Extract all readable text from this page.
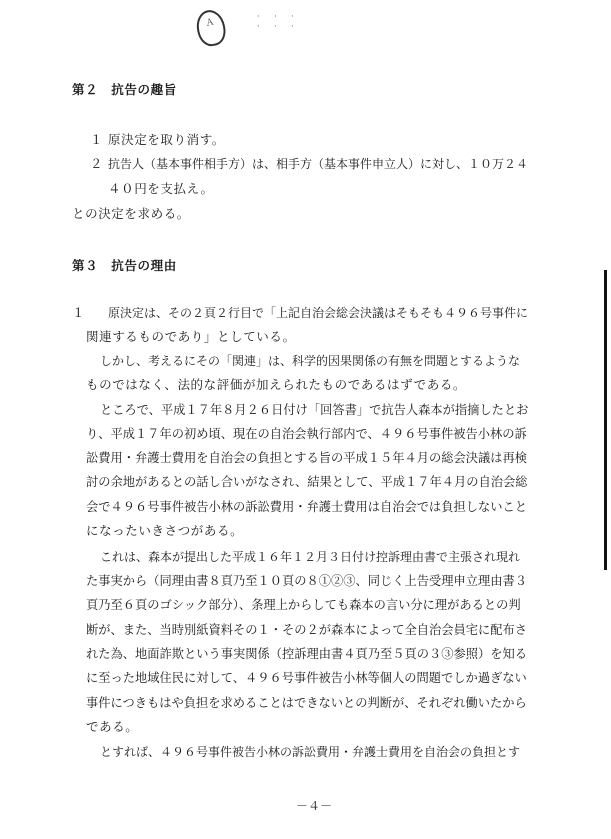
Ａ
· · ·
· · ·
第２　抗告の趣旨
１ 原決定を取り消す。
２ 抗告人（基本事件相手方）は、相手方（基本事件申立人）に対し、１０万２４
４０円を支払え。
との決定を求める。
第３　抗告の理由
１ 原決定は、その２頁２行目で「上記自治会総会決議はそもそも４９６号事件に
関連するものであり」としている。
しかし、考えるにその「関連」は、科学的因果関係の有無を問題とするような
ものではなく、法的な評価が加えられたものであるはずである。
ところで、平成１７年８月２６日付け「回答書」で抗告人森本が指摘したとお
り、平成１７年の初め頃、現在の自治会執行部内で、４９６号事件被告小林の訴
訟費用・弁護士費用を自治会の負担とする旨の平成１５年４月の総会決議は再検
討の余地があるとの話し合いがなされ、結果として、平成１７年４月の自治会総
会で４９６号事件被告小林の訴訟費用・弁護士費用は自治会では負担しないこと
になったいきさつがある。
これは、森本が提出した平成１６年１２月３日付け控訴理由書で主張され現れ
た事実から（同理由書８頁乃至１０頁の８①②③、同じく上告受理申立理由書３
頁乃至６頁のゴシック部分）、条理上からしても森本の言い分に理があるとの判
断が、また、当時別紙資料その１・その２が森本によって全自治会員宅に配布さ
れた為、地面詐欺という事実関係（控訴理由書４頁乃至５頁の３③参照）を知る
に至った地域住民に対して、４９６号事件被告小林等個人の問題でしか過ぎない
事件につきもはや負担を求めることはできないとの判断が、それぞれ働いたから
である。
とすれば、４９６号事件被告小林の訴訟費用・弁護士費用を自治会の負担とす
－４－
